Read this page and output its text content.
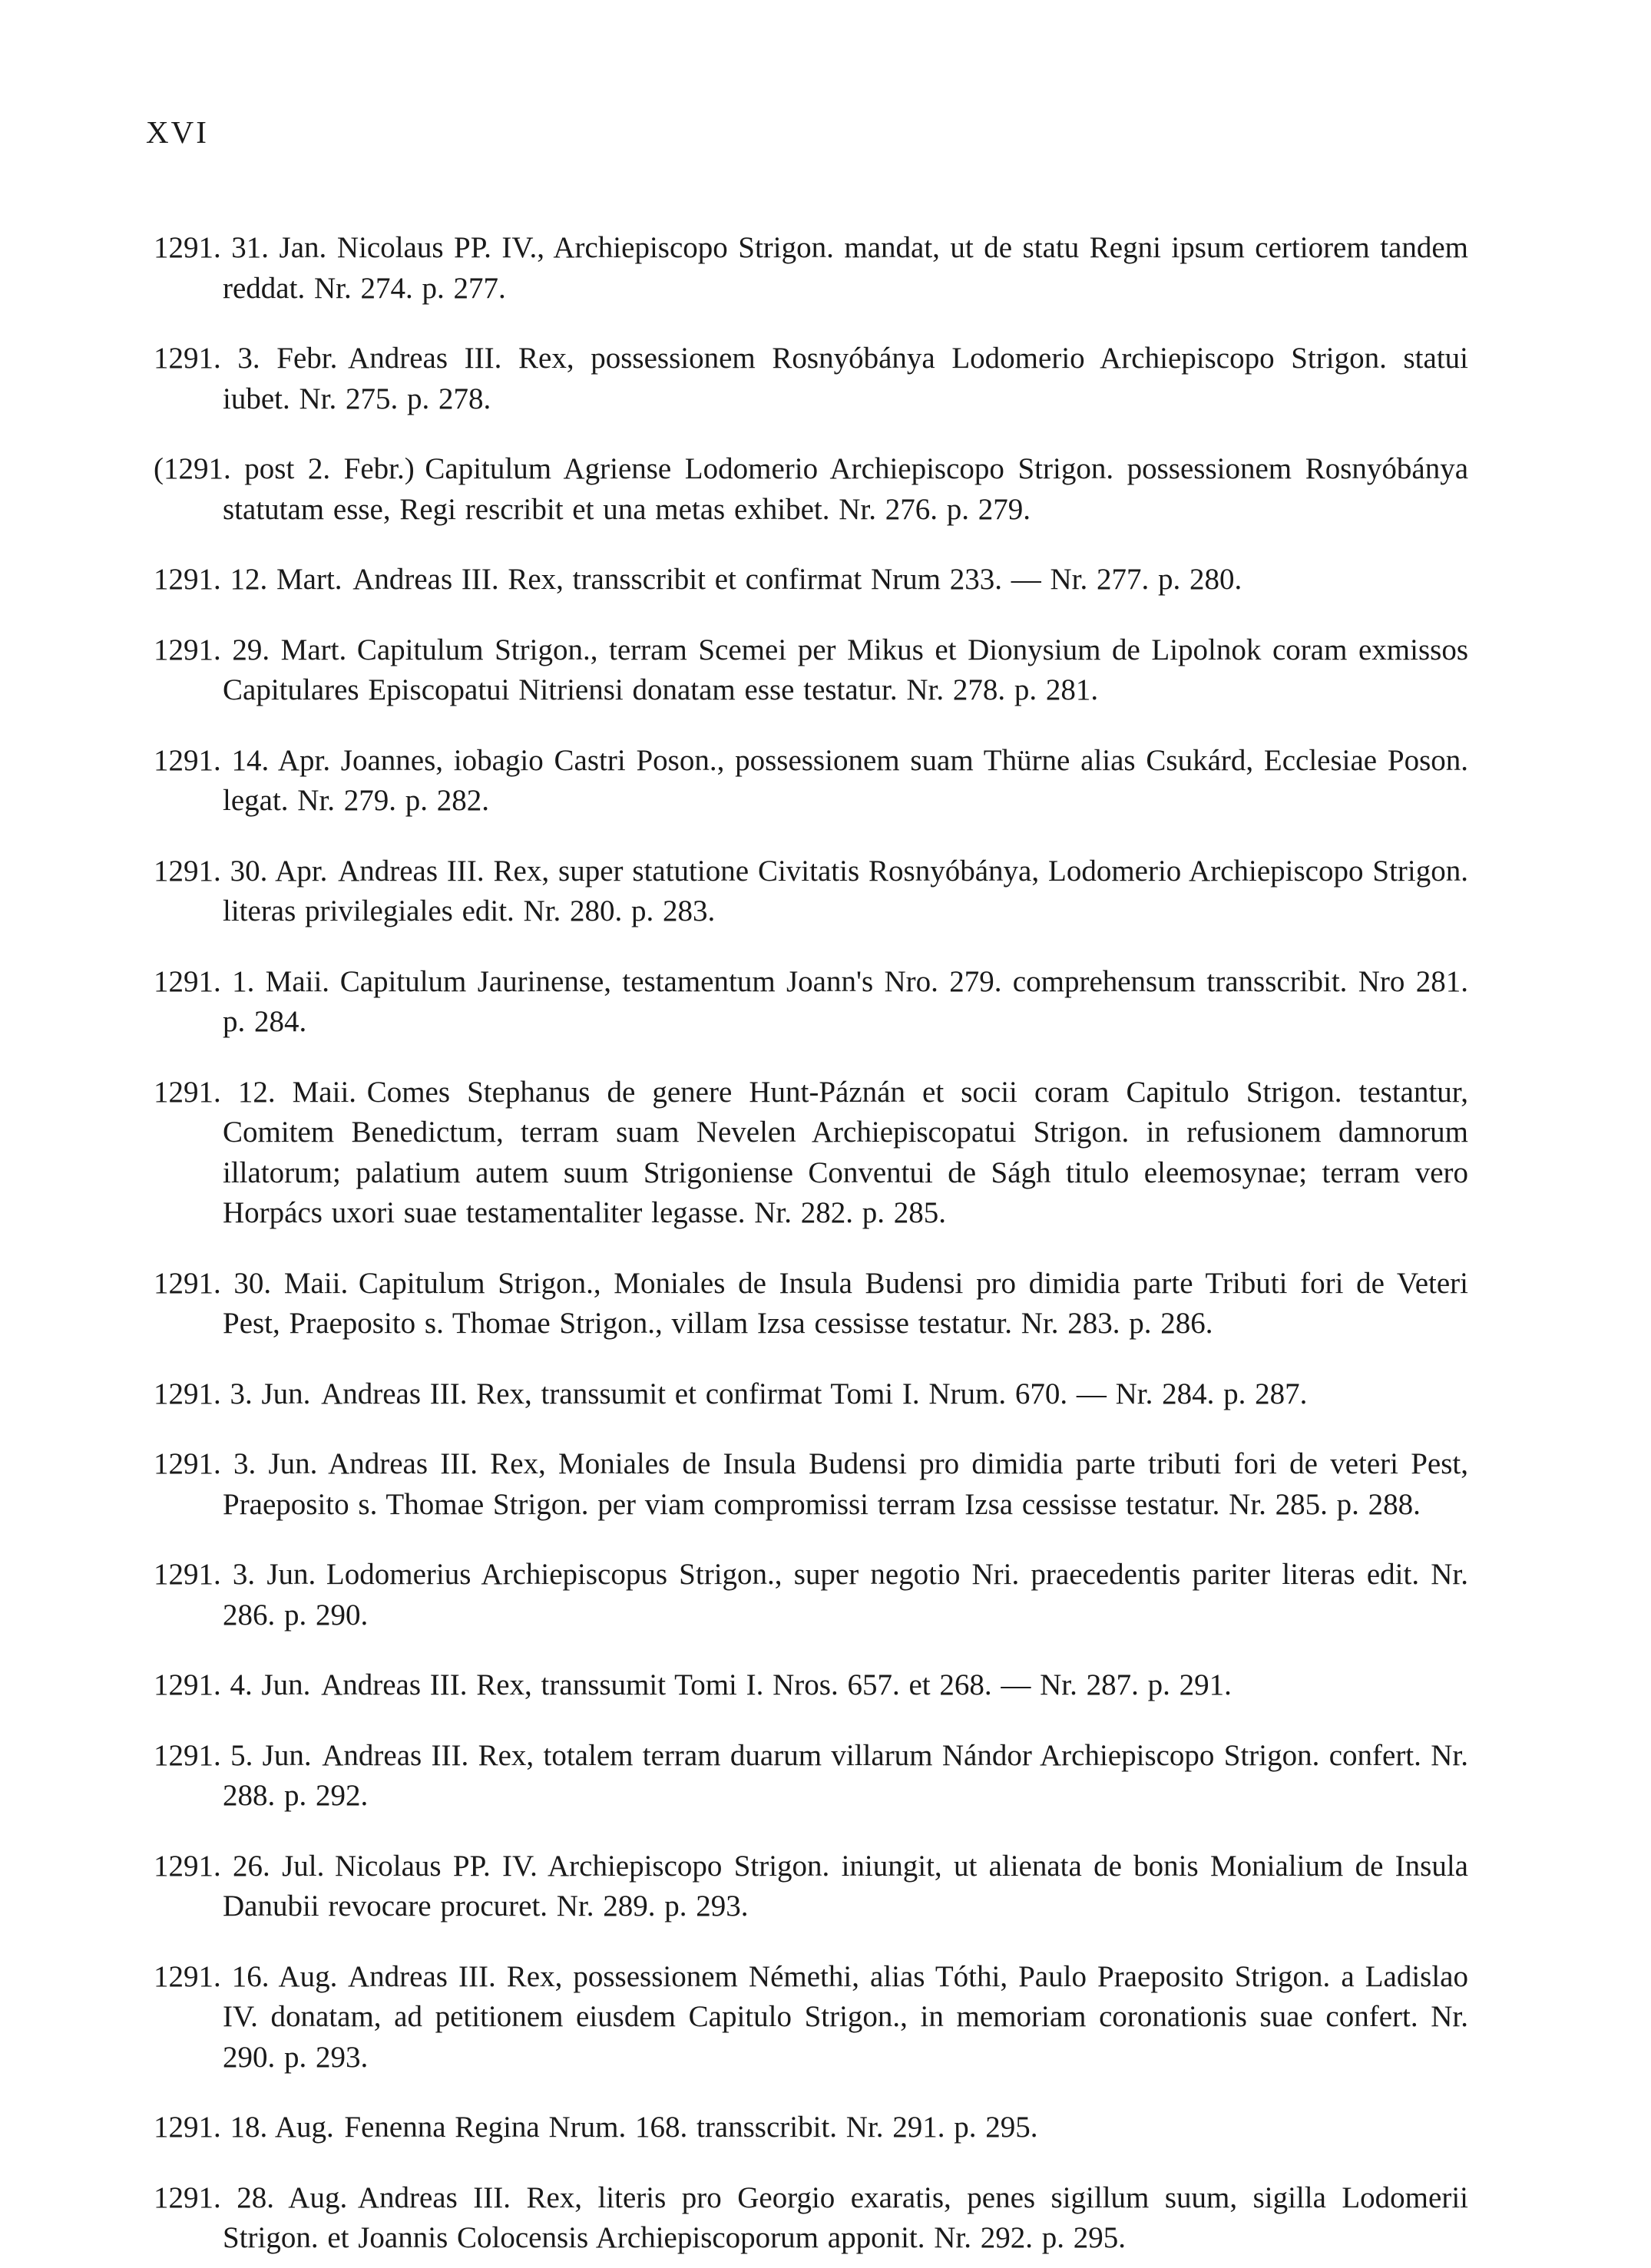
XVI

1291. 31. Jan. Nicolaus PP. IV., Archiepiscopo Strigon. mandat, ut de statu Regni ipsum certiorem tandem reddat. Nr. 274. p. 277.

1291. 3. Febr. Andreas III. Rex, possessionem Rosnyóbánya Lodomerio Archiepiscopo Strigon. statui iubet. Nr. 275. p. 278.

(1291. post 2. Febr.) Capitulum Agriense Lodomerio Archiepiscopo Strigon. possessionem Rosnyóbánya statutam esse, Regi rescribit et una metas exhibet. Nr. 276. p. 279.

1291. 12. Mart. Andreas III. Rex, transscribit et confirmat Nrum 233. — Nr. 277. p. 280.

1291. 29. Mart. Capitulum Strigon., terram Scemei per Mikus et Dionysium de Lipolnok coram exmissos Capitulares Episcopatui Nitriensi donatam esse testatur. Nr. 278. p. 281.

1291. 14. Apr. Joannes, iobagio Castri Poson., possessionem suam Thürne alias Csukárd, Ecclesiae Poson. legat. Nr. 279. p. 282.

1291. 30. Apr. Andreas III. Rex, super statutione Civitatis Rosnyóbánya, Lodomerio Archiepiscopo Strigon. literas privilegiales edit. Nr. 280. p. 283.

1291. 1. Maii. Capitulum Jaurinense, testamentum Joann's Nro. 279. comprehensum transscribit. Nro 281. p. 284.

1291. 12. Maii. Comes Stephanus de genere Hunt-Páznán et socii coram Capitulo Strigon. testantur, Comitem Benedictum, terram suam Nevelen Archiepiscopatui Strigon. in refusionem damnorum illatorum; palatium autem suum Strigoniense Conventui de Ságh titulo eleemosynae; terram vero Horpács uxori suae testamentaliter legasse. Nr. 282. p. 285.

1291. 30. Maii. Capitulum Strigon., Moniales de Insula Budensi pro dimidia parte Tributi fori de Veteri Pest, Praeposito s. Thomae Strigon., villam Izsa cessisse testatur. Nr. 283. p. 286.

1291. 3. Jun. Andreas III. Rex, transsumit et confirmat Tomi I. Nrum. 670. — Nr. 284. p. 287.

1291. 3. Jun. Andreas III. Rex, Moniales de Insula Budensi pro dimidia parte tributi fori de veteri Pest, Praeposito s. Thomae Strigon. per viam compromissi terram Izsa cessisse testatur. Nr. 285. p. 288.

1291. 3. Jun. Lodomerius Archiepiscopus Strigon., super negotio Nri. praecedentis pariter literas edit. Nr. 286. p. 290.

1291. 4. Jun. Andreas III. Rex, transsumit Tomi I. Nros. 657. et 268. — Nr. 287. p. 291.

1291. 5. Jun. Andreas III. Rex, totalem terram duarum villarum Nándor Archiepiscopo Strigon. confert. Nr. 288. p. 292.

1291. 26. Jul. Nicolaus PP. IV. Archiepiscopo Strigon. iniungit, ut alienata de bonis Monialium de Insula Danubii revocare procuret. Nr. 289. p. 293.

1291. 16. Aug. Andreas III. Rex, possessionem Némethi, alias Tóthi, Paulo Praeposito Strigon. a Ladislao IV. donatam, ad petitionem eiusdem Capitulo Strigon., in memoriam coronationis suae confert. Nr. 290. p. 293.

1291. 18. Aug. Fenenna Regina Nrum. 168. transscribit. Nr. 291. p. 295.

1291. 28. Aug. Andreas III. Rex, literis pro Georgio exaratis, penes sigillum suum, sigilla Lodomerii Strigon. et Joannis Colocensis Archiepiscoporum apponit. Nr. 292. p. 295.
